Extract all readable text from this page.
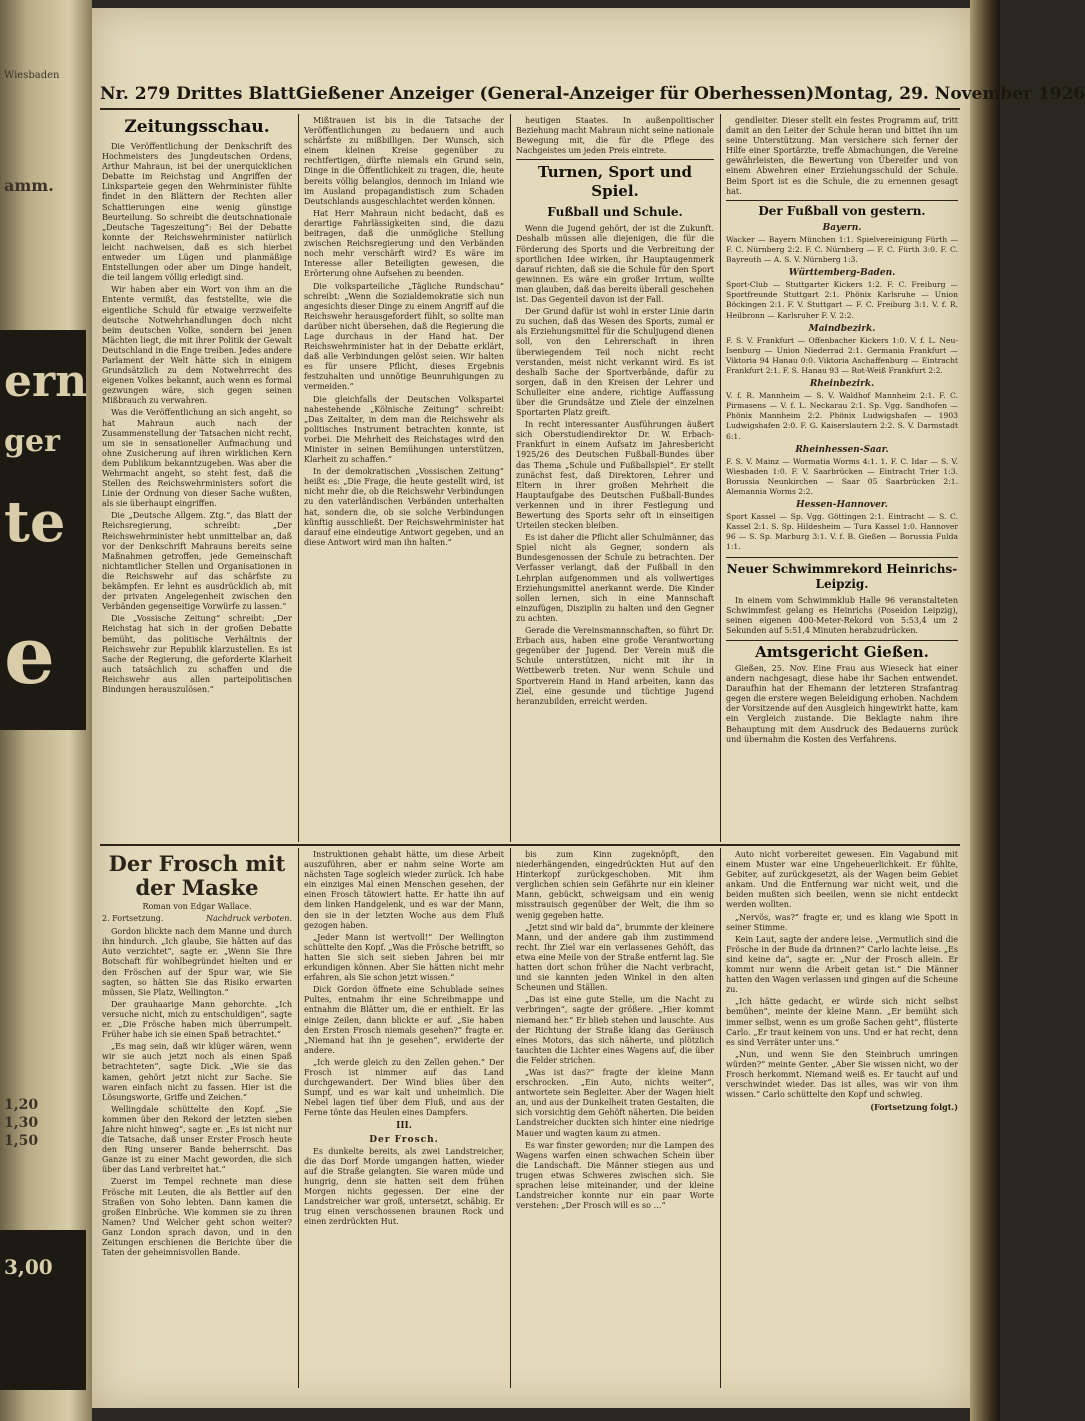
Wiesbaden
amm.
ern
ger
te
e
1,20
1,30
1,50
3,00
Nr. 279 Drittes Blatt Gießener Anzeiger (General-Anzeiger für Oberhessen) Montag, 29. November 1926
Zeitungsschau.

Die Veröffentlichung der Denkschrift des Hochmeisters des Jungdeutschen Ordens, Arthur Mahraun, ist bei der unerquicklichen Debatte im Reichstag und Angriffen der Linksparteie gegen den Wehrminister fühlte findet in den Blättern der Rechten aller Schattierungen eine wenig günstige Beurteilung. So schreibt die deutschnationale „Deutsche Tageszeitung“: Bei der Debatte konnte der Reichswehrminister natürlich leicht nachweisen, daß es sich hierbei entweder um Lügen und planmäßige Entstellungen oder aber um Dinge handelt, die teil langem völlig erledigt sind.

Wir haben aber ein Wort von ihm an die Entente vermißt, das feststellte, wie die eigentliche Schuld für etwaige verzweifelte deutsche Notwehrhandlungen doch nicht beim deutschen Volke, sondern bei jenen Mächten liegt, die mit ihrer Politik der Gewalt Deutschland in die Enge treiben. Jedes andere Parlament der Welt hätte sich in einigem Grundsätzlich zu dem Notwehrrecht des eigenen Volkes bekannt, auch wenn es formal gezwungen wäre, sich gegen seinen Mißbrauch zu verwahren.

Was die Veröffentlichung an sich angeht, so hat Mahraun auch nach der Zusammenstellung der Tatsachen nicht recht, um sie in sensationeller Aufmachung und ohne Zusicherung auf ihren wirklichen Kern dem Publikum bekanntzugeben. Was aber die Wehrmacht angeht, so steht fest, daß die Stellen des Reichswehrministers sofort die Linie der Ordnung von dieser Sache wußten, als sie überhaupt eingriffen.

Die „Deutsche Allgem. Ztg.“, das Blatt der Reichsregierung, schreibt: „Der Reichswehrminister hebt unmittelbar an, daß vor der Denkschrift Mahrauns bereits seine Maßnahmen getroffen, jede Gemeinschaft nichtamtlicher Stellen und Organisationen in die Reichswehr auf das schärfste zu bekämpfen. Er lehnt es ausdrücklich ab, mit der privaten Angelegenheit zwischen den Verbänden gegenseitige Vorwürfe zu lassen.“

Die „Vossische Zeitung“ schreibt: „Der Reichstag hat sich in der großen Debatte bemüht, das politische Verhältnis der Reichswehr zur Republik klarzustellen. Es ist Sache der Regierung, die geforderte Klarheit auch tatsächlich zu schaffen und die Reichswehr aus allen parteipolitischen Bindungen herauszulösen.“

Mißtrauen ist bis in die Tatsache der Veröffentlichungen zu bedauern und auch schärfste zu mißbilligen. Der Wunsch, sich einem kleinen Kreise gegenüber zu rechtfertigen, dürfte niemals ein Grund sein, Dinge in die Öffentlichkeit zu tragen, die, heute bereits völlig belanglos, dennoch im Inland wie im Ausland propagandistisch zum Schaden Deutschlands ausgeschlachtet werden können.

Hat Herr Mahraun nicht bedacht, daß es derartige Fahrlässigkeiten sind, die dazu beitragen, daß die unmögliche Stellung zwischen Reichsregierung und den Verbänden noch mehr verschärft wird? Es wäre im Interesse aller Beteiligten gewesen, die Erörterung ohne Aufsehen zu beenden.

Die volksparteiliche „Tägliche Rundschau“ schreibt: „Wenn die Sozialdemokratie sich nun angesichts dieser Dinge zu einem Angriff auf die Reichswehr herausgefordert fühlt, so sollte man darüber nicht übersehen, daß die Regierung die Lage durchaus in der Hand hat. Der Reichswehrminister hat in der Debatte erklärt, daß alle Verbindungen gelöst seien. Wir halten es für unsere Pflicht, dieses Ergebnis festzuhalten und unnötige Beunruhigungen zu vermeiden.“

Die gleichfalls der Deutschen Volkspartei nahestehende „Kölnische Zeitung“ schreibt: „Das Zeitalter, in dem man die Reichswehr als politisches Instrument betrachten konnte, ist vorbei. Die Mehrheit des Reichstages wird den Minister in seinen Bemühungen unterstützen, Klarheit zu schaffen.“

In der demokratischen „Vossischen Zeitung“ heißt es: „Die Frage, die heute gestellt wird, ist nicht mehr die, ob die Reichswehr Verbindungen zu den vaterländischen Verbänden unterhalten hat, sondern die, ob sie solche Verbindungen künftig ausschließt. Der Reichswehrminister hat darauf eine eindeutige Antwort gegeben, und an diese Antwort wird man ihn halten.“

heutigen Staates. In außenpolitischer Beziehung macht Mahraun nicht seine nationale Bewegung mit, die für die Pflege des Nachgeistes um jeden Preis eintrete.

Turnen, Sport und Spiel.
Fußball und Schule.

Wenn die Jugend gehört, der ist die Zukunft. Deshalb müssen alle diejenigen, die für die Förderung des Sports und die Verbreitung der sportlichen Idee wirken, ihr Hauptaugenmerk darauf richten, daß sie die Schule für den Sport gewinnen. Es wäre ein großer Irrtum, wollte man glauben, daß das bereits überall geschehen ist. Das Gegenteil davon ist der Fall.

Der Grund dafür ist wohl in erster Linie darin zu suchen, daß das Wesen des Sports, zumal er als Erziehungsmittel für die Schuljugend dienen soll, von den Lehrerschaft in ihren überwiegendem Teil noch nicht recht verstanden, meist nicht verkannt wird. Es ist deshalb Sache der Sportverbände, dafür zu sorgen, daß in den Kreisen der Lehrer und Schulleiter eine andere, richtige Auffassung über die Grundsätze und Ziele der einzelnen Sportarten Platz greift.

In recht interessanter Ausführungen äußert sich Oberstudiendirektor Dr. W. Erbach-Frankfurt in einem Aufsatz im Jahresbericht 1925/26 des Deutschen Fußball-Bundes über das Thema „Schule und Fußballspiel“. Er stellt zunächst fest, daß Direktoren, Lehrer und Eltern in ihrer großen Mehrheit die Hauptaufgabe des Deutschen Fußball-Bundes verkennen und in ihrer Festlegung und Bewertung des Sports sehr oft in einseitigen Urteilen stecken bleiben.

Es ist daher die Pflicht aller Schulmänner, das Spiel nicht als Gegner, sondern als Bundesgenossen der Schule zu betrachten. Der Verfasser verlangt, daß der Fußball in den Lehrplan aufgenommen und als vollwertiges Erziehungsmittel anerkannt werde. Die Kinder sollen lernen, sich in eine Mannschaft einzufügen, Disziplin zu halten und den Gegner zu achten.

Gerade die Vereinsmannschaften, so führt Dr. Erbach aus, haben eine große Verantwortung gegenüber der Jugend. Der Verein muß die Schule unterstützen, nicht mit ihr in Wettbewerb treten. Nur wenn Schule und Sportverein Hand in Hand arbeiten, kann das Ziel, eine gesunde und tüchtige Jugend heranzubilden, erreicht werden.

gendleiter. Dieser stellt ein festes Programm auf, tritt damit an den Leiter der Schule heran und bittet ihn um seine Unterstützung. Man versichere sich ferner der Hilfe einer Sportärzte, treffe Abmachungen, die Vereine gewährleisten, die Bewertung von Übereifer und von einem Abwehren einer Erziehungsschuld der Schule. Beim Sport ist es die Schule, die zu ernennen gesagt hat.

Der Fußball von gestern.
Bayern.

Wacker — Bayern München 1:1. Spielvereinigung Fürth — F. C. Nürnberg 2:2. F. C. Nürnberg — F. C. Fürth 3:0. F. C. Bayreuth — A. S. V. Nürnberg 1:3.

Württemberg-Baden.

Sport-Club — Stuttgarter Kickers 1:2. F. C. Freiburg — Sportfreunde Stuttgart 2:1. Phönix Karlsruhe — Union Böckingen 2:1. F. V. Stuttgart — F. C. Freiburg 3:1. V. f. R. Heilbronn — Karlsruher F. V. 2:2.

Maindbezirk.

F. S. V. Frankfurt — Offenbacher Kickers 1:0. V. f. L. Neu-Isenburg — Union Niederrad 2:1. Germania Frankfurt — Viktoria 94 Hanau 0:0. Viktoria Aschaffenburg — Eintracht Frankfurt 2:1. F. S. Hanau 93 — Rot-Weiß Frankfurt 2:2.

Rheinbezirk.

V. f. R. Mannheim — S. V. Waldhof Mannheim 2:1. F. C. Pirmasens — V. f. L. Neckarau 2:1. Sp. Vgg. Sandhofen — Phönix Mannheim 2:2. Phönix Ludwigshafen — 1903 Ludwigshafen 2:0. F. G. Kaiserslautern 2:2. S. V. Darmstadt 6:1.

Rheinhessen-Saar.

F. S. V. Mainz — Wormatia Worms 4:1. 1. F. C. Idar — S. V. Wiesbaden 1:0. F. V. Saarbrücken — Eintracht Trier 1:3. Borussia Neunkirchen — Saar 05 Saarbrücken 2:1. Alemannia Worms 2:2.

Hessen-Hannover.

Sport Kassel — Sp. Vgg. Göttingen 2:1. Eintracht — S. C. Kassel 2:1. S. Sp. Hildesheim — Tura Kassel 1:0. Hannover 96 — S. Sp. Marburg 3:1. V. f. B. Gießen — Borussia Fulda 1:1.

Neuer Schwimmrekord Heinrichs-Leipzig.

In einem vom Schwimmklub Halle 96 veranstalteten Schwimmfest gelang es Heinrichs (Poseidon Leipzig), seinen eigenen 400-Meter-Rekord von 5:53,4 um 2 Sekunden auf 5:51,4 Minuten herabzudrücken.

Amtsgericht Gießen.

Gießen, 25. Nov. Eine Frau aus Wieseck hat einer andern nachgesagt, diese habe ihr Sachen entwendet. Daraufhin hat der Ehemann der letzteren Strafantrag gegen die erstere wegen Beleidigung erhoben. Nachdem der Vorsitzende auf den Ausgleich hingewirkt hatte, kam ein Vergleich zustande. Die Beklagte nahm ihre Behauptung mit dem Ausdruck des Bedauerns zurück und übernahm die Kosten des Verfahrens.

Der Frosch mit der Maske

Roman von Edgar Wallace.

2. Fortsetzung.	Nachdruck verboten.

Gordon blickte nach dem Manne und durch ihn hindurch. „Ich glaube, Sie hätten auf das Auto verzichtet“, sagte er. „Wenn Sie Ihre Botschaft für wohlbegründet hielten und er den Fröschen auf der Spur war, wie Sie sagten, so hätten Sie das Risiko erwarten müssen, Sie Platz, Wellington.“

Der grauhaarige Mann gehorchte. „Ich versuche nicht, mich zu entschuldigen“, sagte er. „Die Frösche haben mich überrumpelt. Früher habe ich sie einen Spaß betrachtet.“

„Es mag sein, daß wir klüger wären, wenn wir sie auch jetzt noch als einen Spaß betrachteten“, sagte Dick. „Wie sie das kamen, gehört jetzt nicht zur Sache. Sie waren einfach nicht zu fassen. Hier ist die Lösungsworte, Griffe und Zeichen.“

Wellingdale schüttelte den Kopf. „Sie kommen über den Rekord der letzten sieben Jahre nicht hinweg“, sagte er. „Es ist nicht nur die Tatsache, daß unser Erster Frosch heute den Ring unserer Bande beherrscht. Das Ganze ist zu einer Macht geworden, die sich über das Land verbreitet hat.“

Zuerst im Tempel rechnete man diese Frösche mit Leuten, die als Bettler auf den Straßen von Soho lebten. Dann kamen die großen Einbrüche. Wie kommen sie zu ihren Namen? Und Welcher geht schon weiter? Ganz London sprach davon, und in den Zeitungen erschienen die Berichte über die Taten der geheimnisvollen Bande.

Instruktionen gehabt hätte, um diese Arbeit auszuführen, aber er nahm seine Worte am nächsten Tage sogleich wieder zurück. Ich habe ein einziges Mal einen Menschen gesehen, der einen Frosch tätowiert hatte. Er hatte ihn auf dem linken Handgelenk, und es war der Mann, den sie in der letzten Woche aus dem Fluß gezogen haben.

„Jeder Mann ist wertvoll!“ Der Wellington schüttelte den Kopf. „Was die Frösche betrifft, so hatten Sie sich seit sieben Jahren bei mir erkundigen können. Aber Sie hätten nicht mehr erfahren, als Sie schon jetzt wissen.“

Dick Gordon öffnete eine Schublade seines Pultes, entnahm ihr eine Schreibmappe und entnahm die Blätter um, die er enthielt. Er las einige Zeilen, dann blickte er auf. „Sie haben den Ersten Frosch niemals gesehen?“ fragte er. „Niemand hat ihn je gesehen“, erwiderte der andere.

„Ich werde gleich zu den Zellen gehen.“ Der Frosch ist nimmer auf das Land durchgewandert. Der Wind blies über den Sumpf, und es war kalt und unheimlich. Die Nebel lagen tief über dem Fluß, und aus der Ferne tönte das Heulen eines Dampfers.

III.
Der Frosch.

Es dunkelte bereits, als zwei Landstreicher, die das Dorf Morde umgangen hatten, wieder auf die Straße gelangten. Sie waren müde und hungrig, denn sie hatten seit dem frühen Morgen nichts gegessen. Der eine der Landstreicher war groß, untersetzt, schäbig. Er trug einen verschossenen braunen Rock und einen zerdrückten Hut.

bis zum Kinn zugeknöpft, den niederhängenden, eingedrückten Hut auf den Hinterkopf zurückgeschoben. Mit ihm verglichen schien sein Gefährte nur ein kleiner Mann, gebückt, schweigsam und ein wenig misstrauisch gegenüber der Welt, die ihm so wenig gegeben hatte.

„Jetzt sind wir bald da“, brummte der kleinere Mann, und der andere gab ihm zustimmend recht. Ihr Ziel war ein verlassenes Gehöft, das etwa eine Meile von der Straße entfernt lag. Sie hatten dort schon früher die Nacht verbracht, und sie kannten jeden Winkel in den alten Scheunen und Ställen.

„Das ist eine gute Stelle, um die Nacht zu verbringen“, sagte der größere. „Hier kommt niemand her.“ Er blieb stehen und lauschte. Aus der Richtung der Straße klang das Geräusch eines Motors, das sich näherte, und plötzlich tauchten die Lichter eines Wagens auf, die über die Felder strichen.

„Was ist das?“ fragte der kleine Mann erschrocken. „Ein Auto, nichts weiter“, antwortete sein Begleiter. Aber der Wagen hielt an, und aus der Dunkelheit traten Gestalten, die sich vorsichtig dem Gehöft näherten. Die beiden Landstreicher duckten sich hinter eine niedrige Mauer und wagten kaum zu atmen.

Es war finster geworden; nur die Lampen des Wagens warfen einen schwachen Schein über die Landschaft. Die Männer stiegen aus und trugen etwas Schweres zwischen sich. Sie sprachen leise miteinander, und der kleine Landstreicher konnte nur ein paar Worte verstehen: „Der Frosch will es so …“

Auto nicht vorbereitet gewesen. Ein Vagabund mit einem Muster war eine Ungeheuerlichkeit. Er fühlte, Gebiter, auf zurückgesetzt, als der Wagen beim Gebiet ankam. Und die Entfernung war nicht weit, und die beiden mußten sich beeilen, wenn sie nicht entdeckt werden wollten.

„Nervös, was?“ fragte er, und es klang wie Spott in seiner Stimme.

Kein Laut, sagte der andere leise. „Vermutlich sind die Frösche in der Bude da drinnen?“ Carlo lachte leise. „Es sind keine da“, sagte er. „Nur der Frosch allein. Er kommt nur wenn die Arbeit getan ist.“ Die Männer hatten den Wagen verlassen und gingen auf die Scheune zu.

„Ich hätte gedacht, er würde sich nicht selbst bemühen“, meinte der kleine Mann. „Er bemüht sich immer selbst, wenn es um große Sachen geht“, flüsterte Carlo. „Er traut keinem von uns. Und er hat recht, denn es sind Verräter unter uns.“

„Nun, und wenn Sie den Steinbruch umringen würden?“ meinte Genter. „Aber Sie wissen nicht, wo der Frosch herkommt. Niemand weiß es. Er taucht auf und verschwindet wieder. Das ist alles, was wir von ihm wissen.“ Carlo schüttelte den Kopf und schwieg.

(Fortsetzung folgt.)
